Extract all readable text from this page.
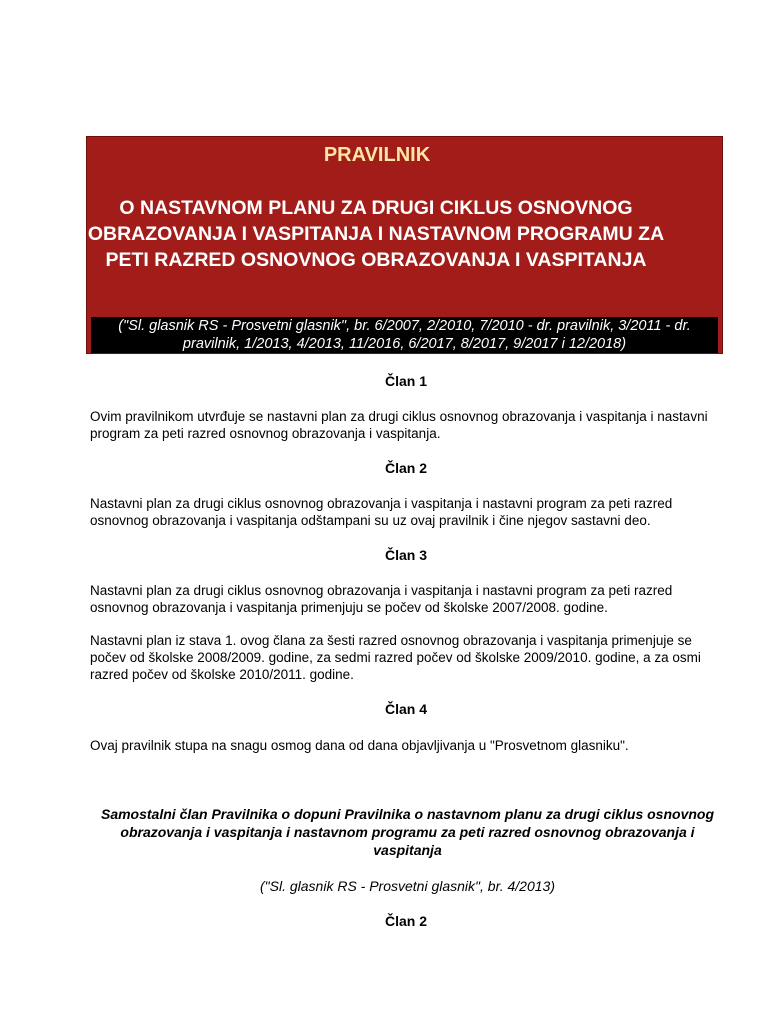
PRAVILNIK
O NASTAVNOM PLANU ZA DRUGI CIKLUS OSNOVNOG OBRAZOVANJA I VASPITANJA I NASTAVNOM PROGRAMU ZA PETI RAZRED OSNOVNOG OBRAZOVANJA I VASPITANJA
("Sl. glasnik RS - Prosvetni glasnik", br. 6/2007, 2/2010, 7/2010 - dr. pravilnik, 3/2011 - dr. pravilnik, 1/2013, 4/2013, 11/2016, 6/2017, 8/2017, 9/2017 i 12/2018)
Član 1
Ovim pravilnikom utvrđuje se nastavni plan za drugi ciklus osnovnog obrazovanja i vaspitanja i nastavni program za peti razred osnovnog obrazovanja i vaspitanja.
Član 2
Nastavni plan za drugi ciklus osnovnog obrazovanja i vaspitanja i nastavni program za peti razred osnovnog obrazovanja i vaspitanja odštampani su uz ovaj pravilnik i čine njegov sastavni deo.
Član 3
Nastavni plan za drugi ciklus osnovnog obrazovanja i vaspitanja i nastavni program za peti razred osnovnog obrazovanja i vaspitanja primenjuju se počev od školske 2007/2008. godine.
Nastavni plan iz stava 1. ovog člana za šesti razred osnovnog obrazovanja i vaspitanja primenjuje se počev od školske 2008/2009. godine, za sedmi razred počev od školske 2009/2010. godine, a za osmi razred počev od školske 2010/2011. godine.
Član 4
Ovaj pravilnik stupa na snagu osmog dana od dana objavljivanja u "Prosvetnom glasniku".
Samostalni član Pravilnika o dopuni Pravilnika o nastavnom planu za drugi ciklus osnovnog obrazovanja i vaspitanja i nastavnom programu za peti razred osnovnog obrazovanja i vaspitanja
("Sl. glasnik RS - Prosvetni glasnik", br. 4/2013)
Član 2
